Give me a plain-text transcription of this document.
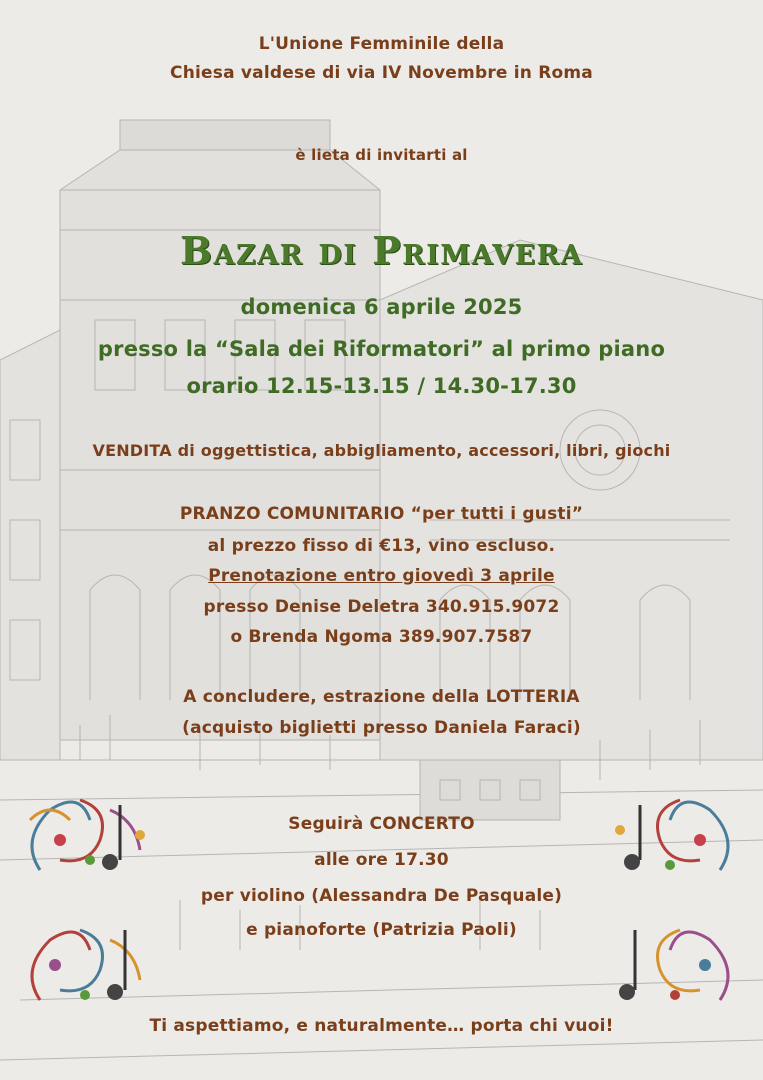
L'Unione Femminile della
Chiesa valdese di via IV Novembre in Roma
è lieta di invitarti al
Bazar di Primavera
domenica 6 aprile 2025
presso la “Sala dei Riformatori” al primo piano
orario 12.15-13.15 / 14.30-17.30
VENDITA di oggettistica, abbigliamento, accessori, libri, giochi
PRANZO COMUNITARIO “per tutti i gusti”
al prezzo fisso di €13, vino escluso.
Prenotazione entro giovedì 3 aprile
presso Denise Deletra 340.915.9072
o Brenda Ngoma 389.907.7587
A concludere, estrazione della LOTTERIA
(acquisto biglietti presso Daniela Faraci)
Seguirà CONCERTO
alle ore 17.30
per violino (Alessandra De Pasquale)
e pianoforte (Patrizia Paoli)
Ti aspettiamo, e naturalmente… porta chi vuoi!
